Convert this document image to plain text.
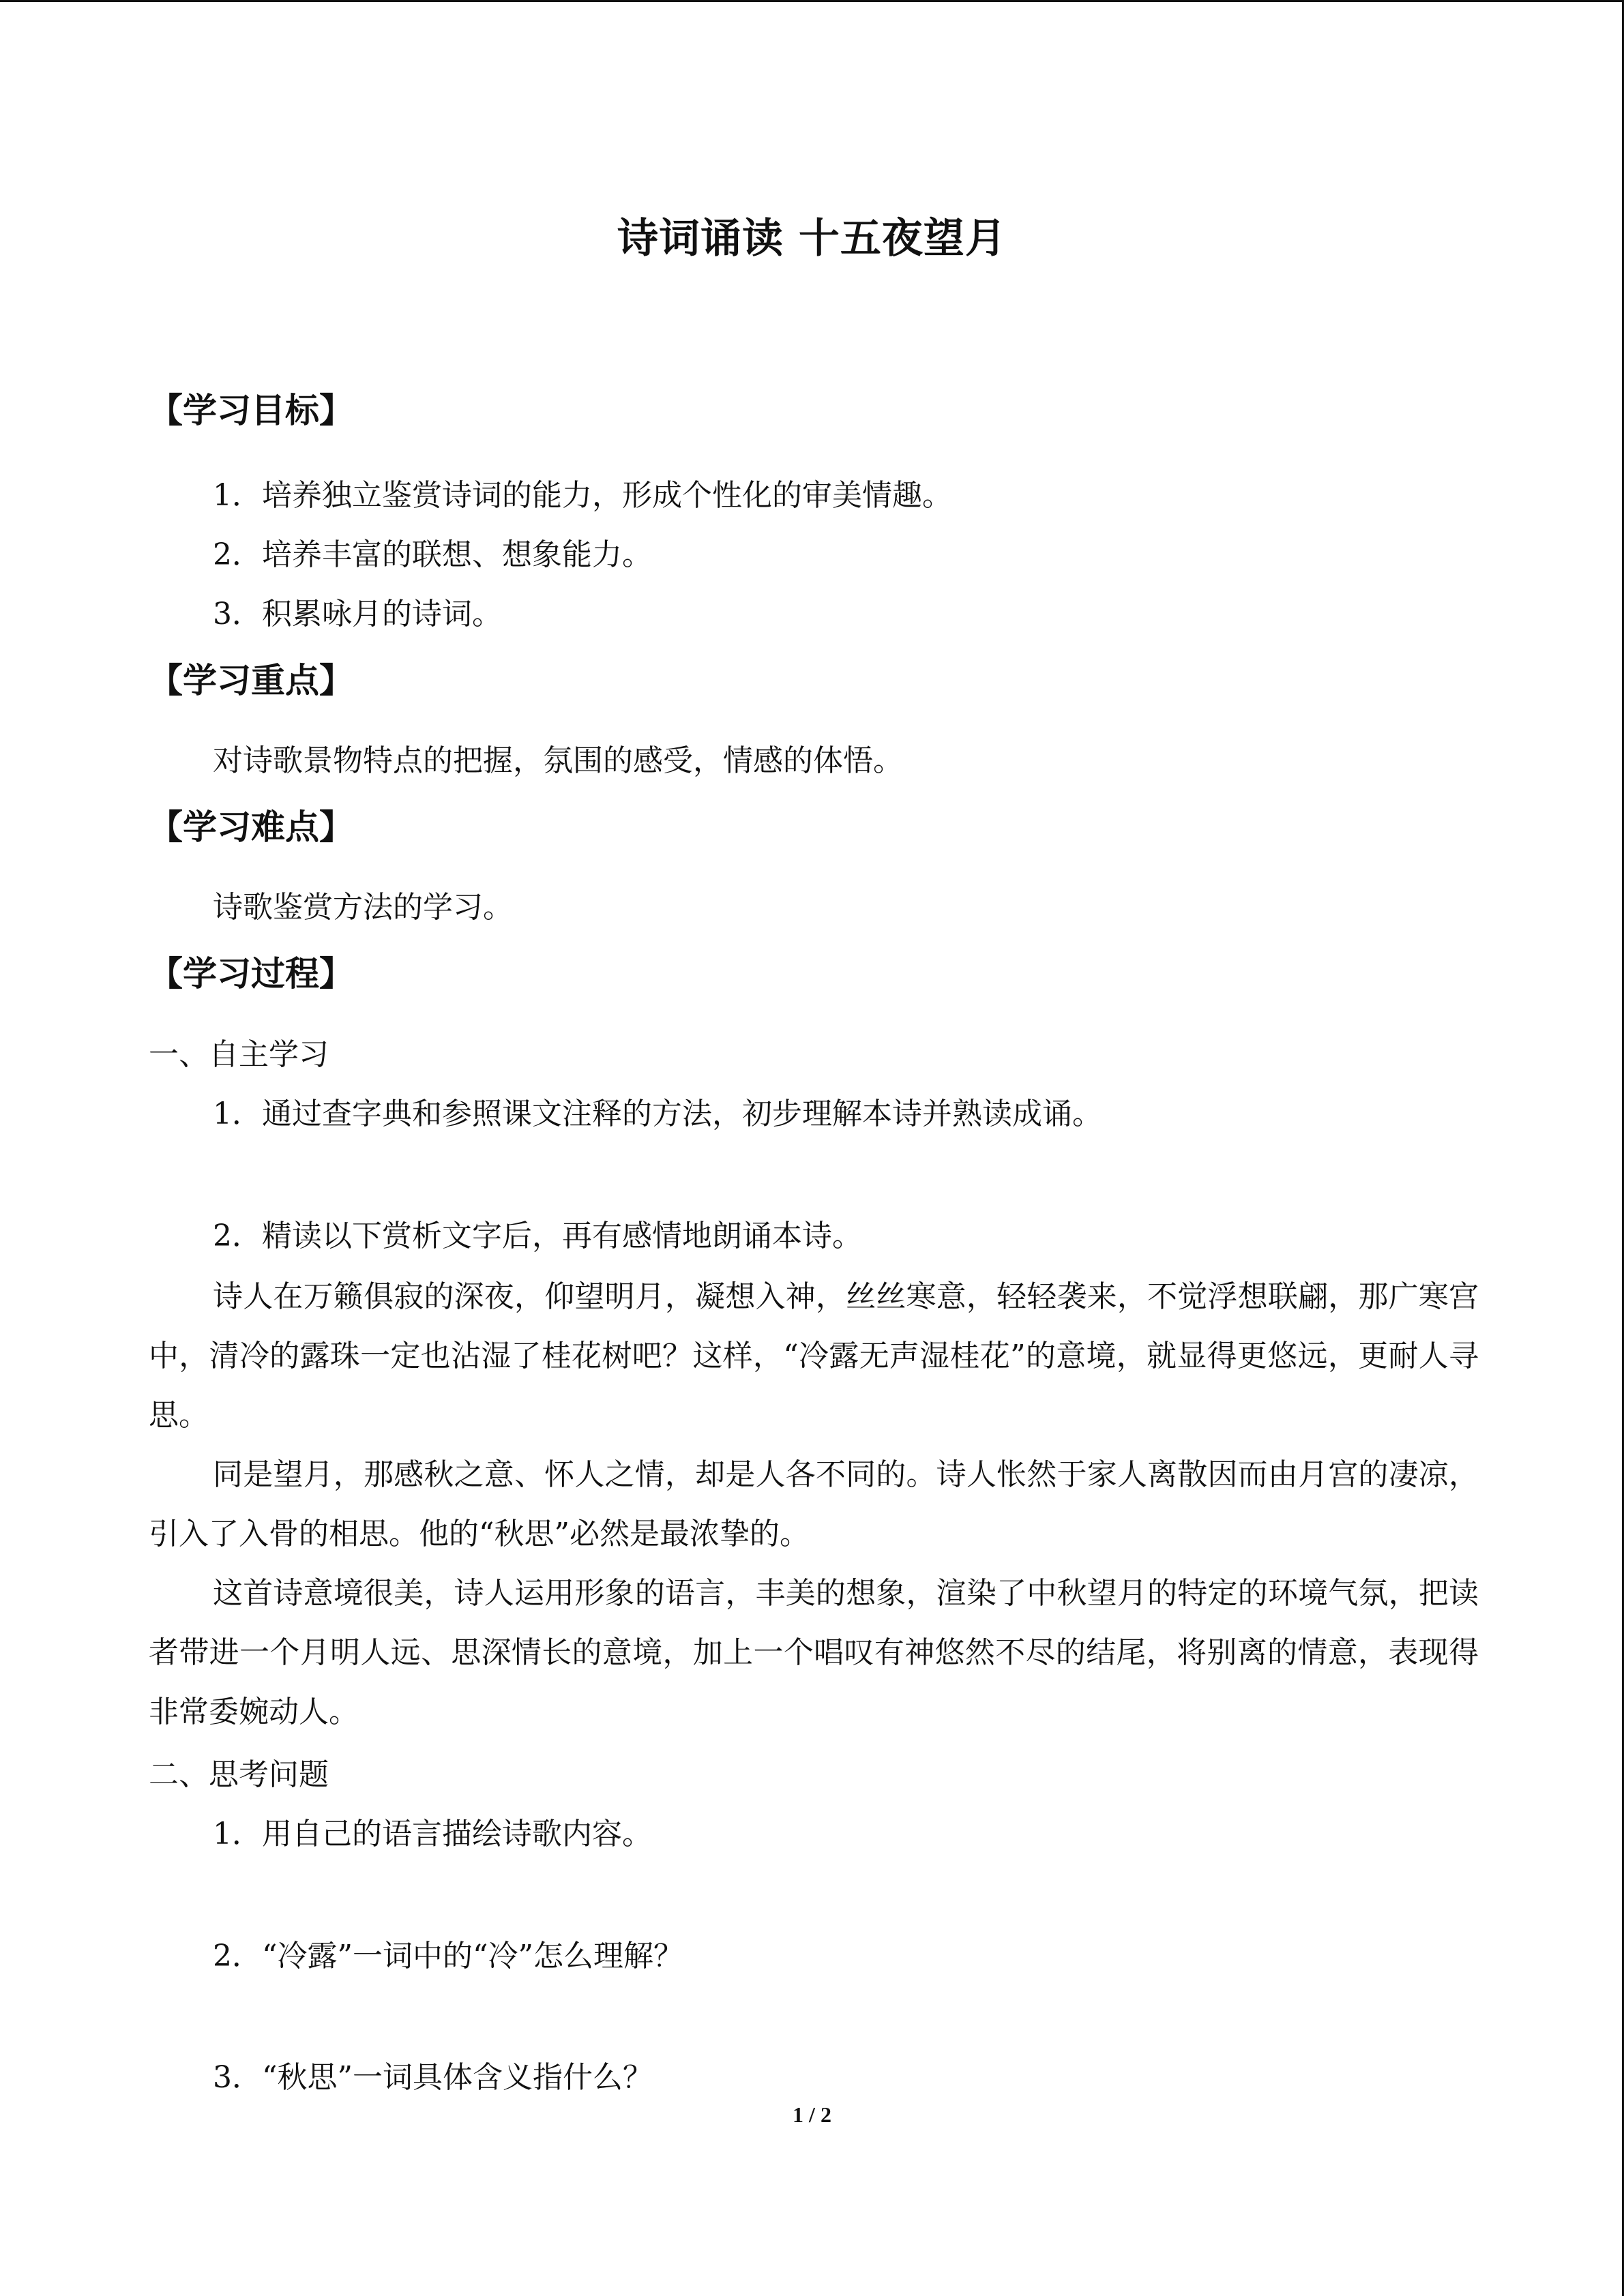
诗词诵读 十五夜望月
【学习目标】
1．培养独立鉴赏诗词的能力，形成个性化的审美情趣。
2．培养丰富的联想、想象能力。
3．积累咏月的诗词。
【学习重点】
对诗歌景物特点的把握，氛围的感受，情感的体悟。
【学习难点】
诗歌鉴赏方法的学习。
【学习过程】
一、自主学习
1．通过查字典和参照课文注释的方法，初步理解本诗并熟读成诵。
2．精读以下赏析文字后，再有感情地朗诵本诗。
诗人在万籁俱寂的深夜，仰望明月，凝想入神，丝丝寒意，轻轻袭来，不觉浮想联翩，那广寒宫中，清冷的露珠一定也沾湿了桂花树吧？这样，“冷露无声湿桂花”的意境，就显得更悠远，更耐人寻思。
同是望月，那感秋之意、怀人之情，却是人各不同的。诗人怅然于家人离散因而由月宫的凄凉，引入了入骨的相思。他的“秋思”必然是最浓挚的。
这首诗意境很美，诗人运用形象的语言，丰美的想象，渲染了中秋望月的特定的环境气氛，把读者带进一个月明人远、思深情长的意境，加上一个唱叹有神悠然不尽的结尾，将别离的情意，表现得非常委婉动人。
二、思考问题
1．用自己的语言描绘诗歌内容。
2．“冷露”一词中的“冷”怎么理解？
3．“秋思”一词具体含义指什么？
1 / 2
